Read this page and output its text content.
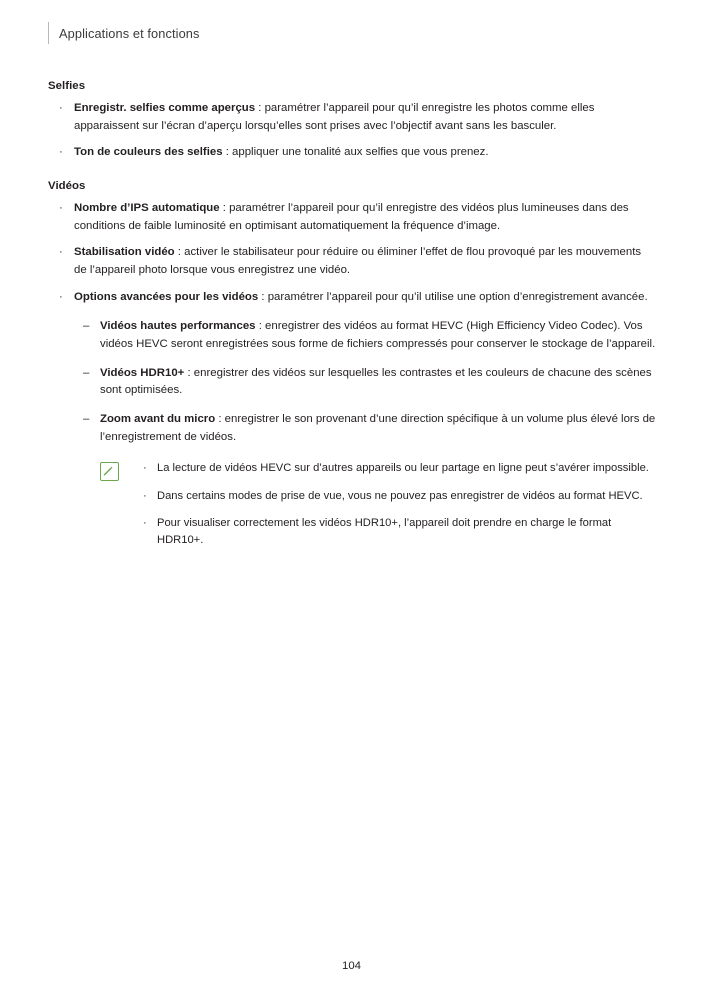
Applications et fonctions
Selfies
· Enregistr. selfies comme aperçus : paramétrer l’appareil pour qu’il enregistre les photos comme elles apparaissent sur l’écran d’aperçu lorsqu’elles sont prises avec l’objectif avant sans les basculer.
· Ton de couleurs des selfies : appliquer une tonalité aux selfies que vous prenez.
Vidéos
· Nombre d’IPS automatique : paramétrer l’appareil pour qu’il enregistre des vidéos plus lumineuses dans des conditions de faible luminosité en optimisant automatiquement la fréquence d’image.
· Stabilisation vidéo : activer le stabilisateur pour réduire ou éliminer l’effet de flou provoqué par les mouvements de l’appareil photo lorsque vous enregistrez une vidéo.
· Options avancées pour les vidéos : paramétrer l’appareil pour qu’il utilise une option d’enregistrement avancée.
– Vidéos hautes performances : enregistrer des vidéos au format HEVC (High Efficiency Video Codec). Vos vidéos HEVC seront enregistrées sous forme de fichiers compressés pour conserver le stockage de l’appareil.
– Vidéos HDR10+ : enregistrer des vidéos sur lesquelles les contrastes et les couleurs de chacune des scènes sont optimisées.
– Zoom avant du micro : enregistrer le son provenant d’une direction spécifique à un volume plus élevé lors de l’enregistrement de vidéos.
· La lecture de vidéos HEVC sur d’autres appareils ou leur partage en ligne peut s’avérer impossible.
· Dans certains modes de prise de vue, vous ne pouvez pas enregistrer de vidéos au format HEVC.
· Pour visualiser correctement les vidéos HDR10+, l’appareil doit prendre en charge le format HDR10+.
104
